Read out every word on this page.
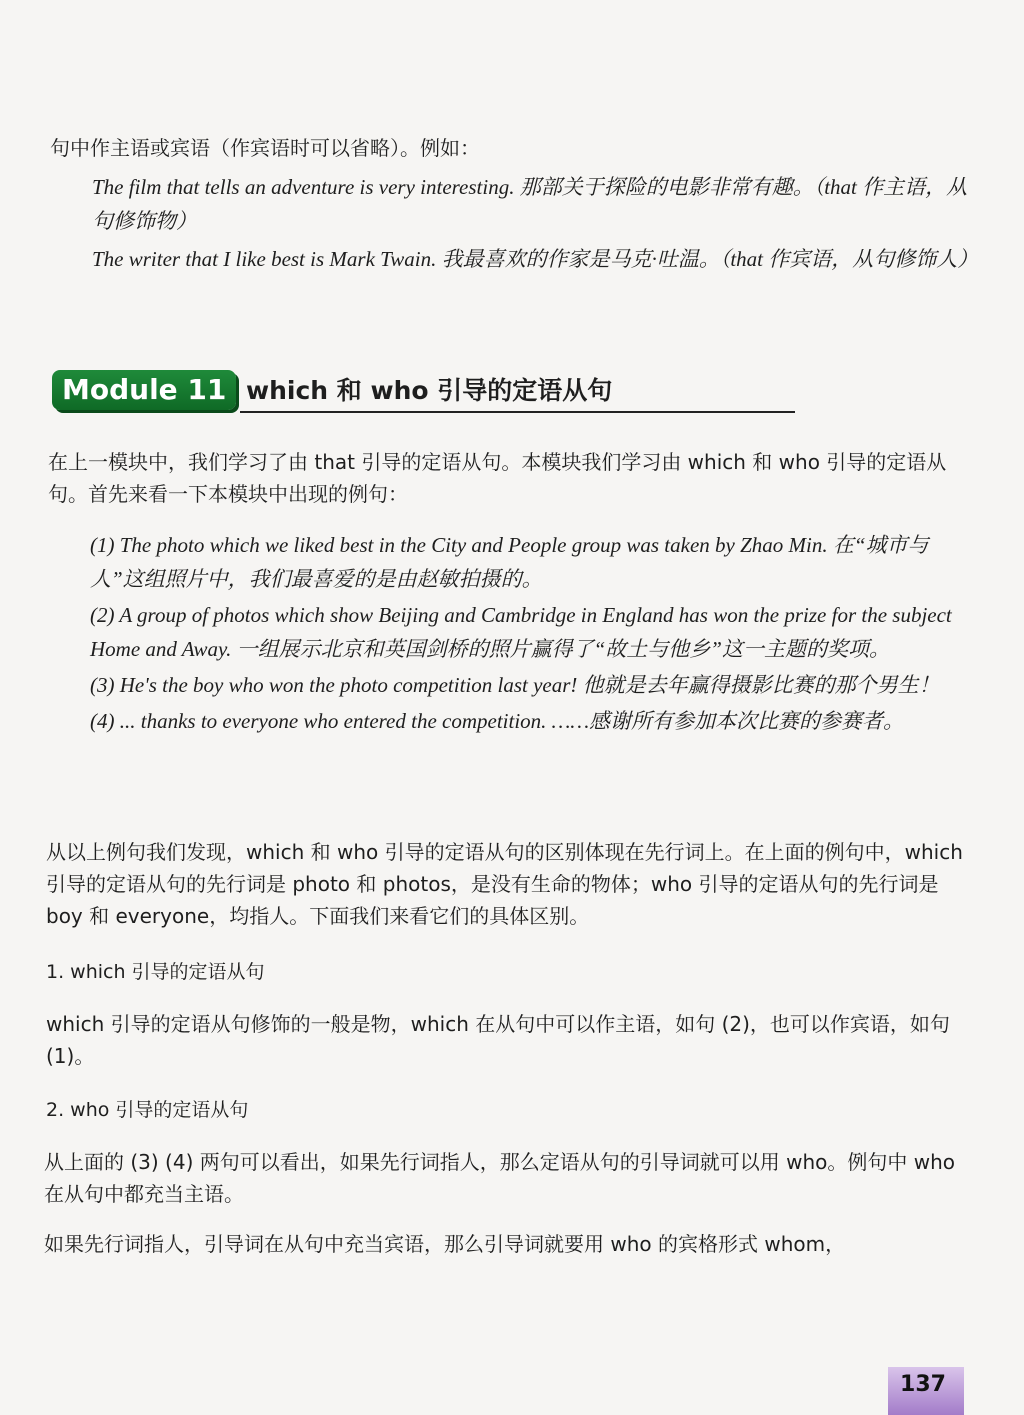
句中作主语或宾语（作宾语时可以省略）。例如：

The film that tells an adventure is very interesting. 那部关于探险的电影非常有趣。（that 作主语，从句修饰物）

The writer that I like best is Mark Twain. 我最喜欢的作家是马克·吐温。（that 作宾语，从句修饰人）

Module 11 which 和 who 引导的定语从句

在上一模块中，我们学习了由 that 引导的定语从句。本模块我们学习由 which 和 who 引导的定语从句。首先来看一下本模块中出现的例句：

(1) The photo which we liked best in the City and People group was taken by Zhao Min. 在“城市与人”这组照片中，我们最喜爱的是由赵敏拍摄的。

(2) A group of photos which show Beijing and Cambridge in England has won the prize for the subject Home and Away. 一组展示北京和英国剑桥的照片赢得了“故土与他乡”这一主题的奖项。

(3) He's the boy who won the photo competition last year! 他就是去年赢得摄影比赛的那个男生！

(4) ... thanks to everyone who entered the competition. ……感谢所有参加本次比赛的参赛者。

从以上例句我们发现，which 和 who 引导的定语从句的区别体现在先行词上。在上面的例句中，which 引导的定语从句的先行词是 photo 和 photos，是没有生命的物体；who 引导的定语从句的先行词是 boy 和 everyone，均指人。下面我们来看它们的具体区别。

1. which 引导的定语从句

which 引导的定语从句修饰的一般是物，which 在从句中可以作主语，如句 (2)，也可以作宾语，如句 (1)。

2. who 引导的定语从句

从上面的 (3) (4) 两句可以看出，如果先行词指人，那么定语从句的引导词就可以用 who。例句中 who 在从句中都充当主语。

如果先行词指人，引导词在从句中充当宾语，那么引导词就要用 who 的宾格形式 whom，

137
